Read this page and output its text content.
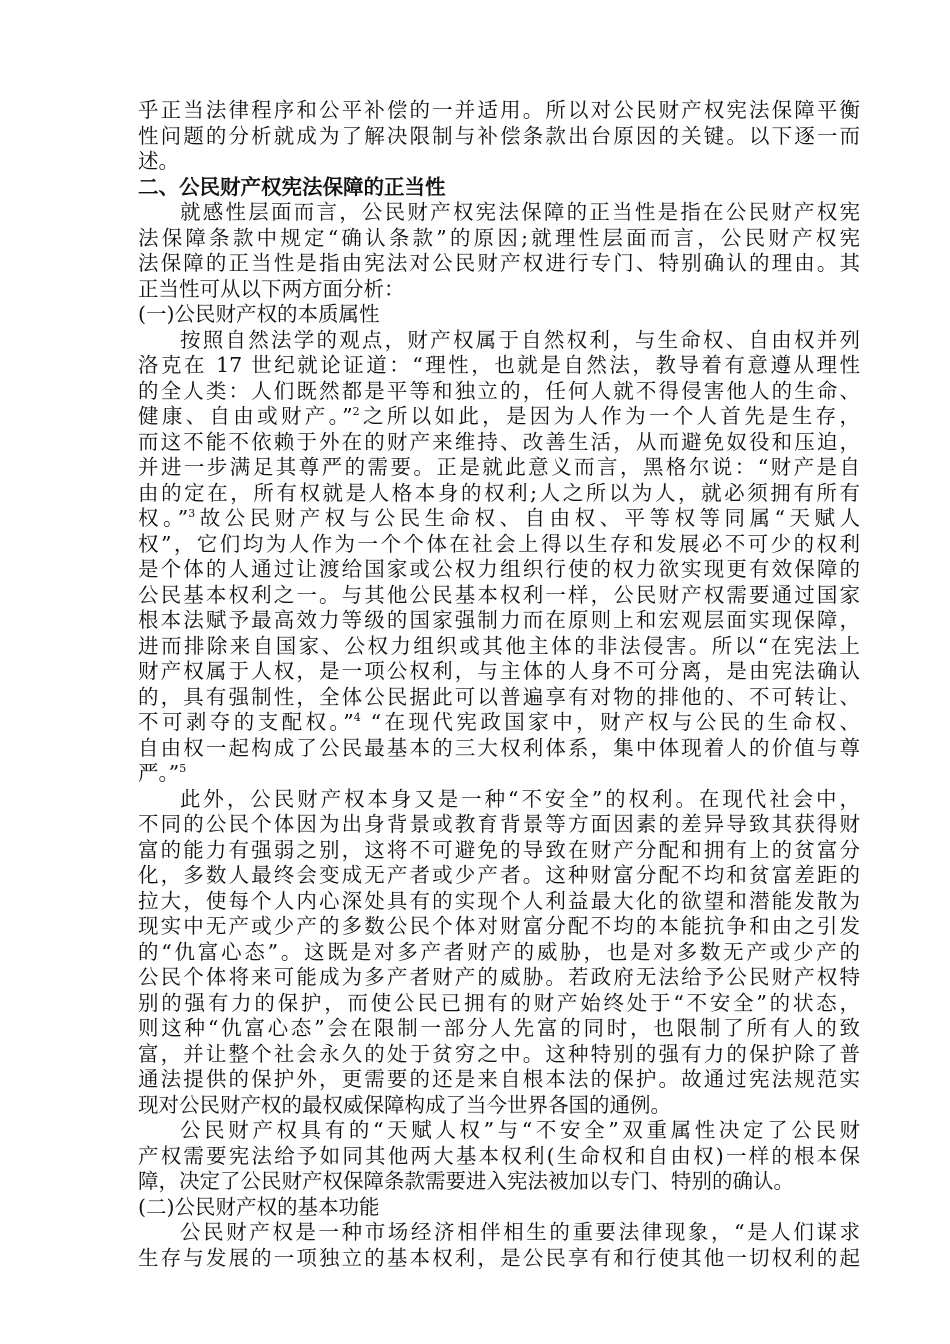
乎正当法律程序和公平补偿的一并适用。所以对公民财产权宪法保障平衡
性问题的分析就成为了解决限制与补偿条款出台原因的关键。以下逐一而
述。
二、公民财产权宪法保障的正当性
就感性层面而言，公民财产权宪法保障的正当性是指在公民财产权宪
法保障条款中规定“确认条款”的原因;就理性层面而言，公民财产权宪
法保障的正当性是指由宪法对公民财产权进行专门、特别确认的理由。其
正当性可从以下两方面分析：
(一)公民财产权的本质属性
按照自然法学的观点，财产权属于自然权利，与生命权、自由权并列
洛克在 17 世纪就论证道：“理性，也就是自然法，教导着有意遵从理性
的全人类：人们既然都是平等和独立的，任何人就不得侵害他人的生命、
健康、自由或财产。”$^2$之所以如此，是因为人作为一个人首先是生存，
而这不能不依赖于外在的财产来维持、改善生活，从而避免奴役和压迫，
并进一步满足其尊严的需要。正是就此意义而言，黑格尔说：“财产是自
由的定在，所有权就是人格本身的权利;人之所以为人，就必须拥有所有
权。”$^3$故公民财产权与公民生命权、自由权、平等权等同属“天赋人
权”，它们均为人作为一个个体在社会上得以生存和发展必不可少的权利
是个体的人通过让渡给国家或公权力组织行使的权力欲实现更有效保障的
公民基本权利之一。与其他公民基本权利一样，公民财产权需要通过国家
根本法赋予最高效力等级的国家强制力而在原则上和宏观层面实现保障，
进而排除来自国家、公权力组织或其他主体的非法侵害。所以“在宪法上
财产权属于人权，是一项公权利，与主体的人身不可分离，是由宪法确认
的，具有强制性，全体公民据此可以普遍享有对物的排他的、不可转让、
不可剥夺的支配权。”$^4$ “在现代宪政国家中，财产权与公民的生命权、
自由权一起构成了公民最基本的三大权利体系，集中体现着人的价值与尊
严。”$^5$
此外，公民财产权本身又是一种“不安全”的权利。在现代社会中，
不同的公民个体因为出身背景或教育背景等方面因素的差异导致其获得财
富的能力有强弱之别，这将不可避免的导致在财产分配和拥有上的贫富分
化，多数人最终会变成无产者或少产者。这种财富分配不均和贫富差距的
拉大，使每个人内心深处具有的实现个人利益最大化的欲望和潜能发散为
现实中无产或少产的多数公民个体对财富分配不均的本能抗争和由之引发
的“仇富心态”。这既是对多产者财产的威胁，也是对多数无产或少产的
公民个体将来可能成为多产者财产的威胁。若政府无法给予公民财产权特
别的强有力的保护，而使公民已拥有的财产始终处于“不安全”的状态，
则这种“仇富心态”会在限制一部分人先富的同时，也限制了所有人的致
富，并让整个社会永久的处于贫穷之中。这种特别的强有力的保护除了普
通法提供的保护外，更需要的还是来自根本法的保护。故通过宪法规范实
现对公民财产权的最权威保障构成了当今世界各国的通例。
公民财产权具有的“天赋人权”与“不安全”双重属性决定了公民财
产权需要宪法给予如同其他两大基本权利(生命权和自由权)一样的根本保
障，决定了公民财产权保障条款需要进入宪法被加以专门、特别的确认。
(二)公民财产权的基本功能
公民财产权是一种市场经济相伴相生的重要法律现象，“是人们谋求
生存与发展的一项独立的基本权利，是公民享有和行使其他一切权利的起
